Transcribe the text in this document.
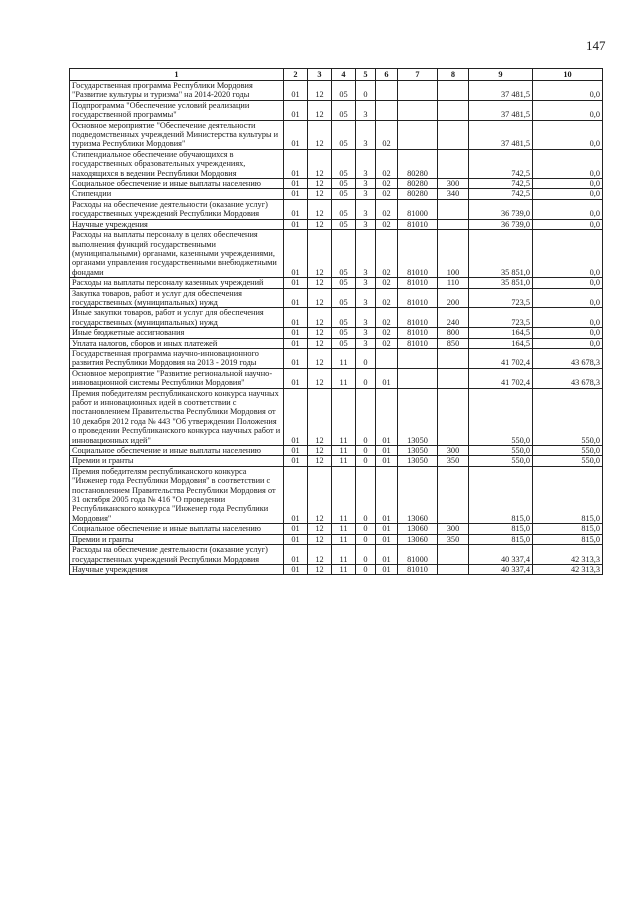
147
1	2	3	4	5	6	7	8	9	10
Государственная программа Республики Мордовия "Развитие культуры и туризма" на 2014-2020 годы	01	12	05	0				37 481,5	0,0
Подпрограмма "Обеспечение условий реализации государственной программы"	01	12	05	3				37 481,5	0,0
Основное мероприятие "Обеспечение деятельности подведомственных учреждений Министерства культуры и туризма Республики Мордовия"	01	12	05	3	02			37 481,5	0,0
Стипендиальное обеспечение обучающихся в государственных образовательных учреждениях, находящихся в ведении Республики Мордовия	01	12	05	3	02	80280		742,5	0,0
Социальное обеспечение и иные выплаты населению	01	12	05	3	02	80280	300	742,5	0,0
Стипендии	01	12	05	3	02	80280	340	742,5	0,0
Расходы на обеспечение деятельности (оказание услуг) государственных учреждений Республики Мордовия	01	12	05	3	02	81000		36 739,0	0,0
Научные учреждения	01	12	05	3	02	81010		36 739,0	0,0
Расходы на выплаты персоналу в целях обеспечения выполнения функций государственными (муниципальными) органами, казенными учреждениями, органами управления государственными внебюджетными фондами	01	12	05	3	02	81010	100	35 851,0	0,0
Расходы на выплаты персоналу казенных учреждений	01	12	05	3	02	81010	110	35 851,0	0,0
Закупка товаров, работ и услуг для обеспечения государственных (муниципальных) нужд	01	12	05	3	02	81010	200	723,5	0,0
Иные закупки товаров, работ и услуг для обеспечения государственных (муниципальных) нужд	01	12	05	3	02	81010	240	723,5	0,0
Иные бюджетные ассигнования	01	12	05	3	02	81010	800	164,5	0,0
Уплата налогов, сборов и иных платежей	01	12	05	3	02	81010	850	164,5	0,0
Государственная программа научно-инновационного развития Республики Мордовия на 2013 - 2019 годы	01	12	11	0				41 702,4	43 678,3
Основное мероприятие "Развитие региональной научно-инновационной системы Республики Мордовия"	01	12	11	0	01			41 702,4	43 678,3
Премия победителям республиканского конкурса научных работ и инновационных идей в соответствии с постановлением Правительства Республики Мордовия от 10 декабря 2012 года № 443 "Об утверждении Положения о проведении Республиканского конкурса научных работ и инновационных идей"	01	12	11	0	01	13050		550,0	550,0
Социальное обеспечение и иные выплаты населению	01	12	11	0	01	13050	300	550,0	550,0
Премии и гранты	01	12	11	0	01	13050	350	550,0	550,0
Премия победителям республиканского конкурса "Инженер года Республики Мордовия" в соответствии с постановлением Правительства Республики Мордовия от 31 октября 2005 года № 416 "О проведении Республиканского конкурса "Инженер года Республики Мордовия"	01	12	11	0	01	13060		815,0	815,0
Социальное обеспечение и иные выплаты населению	01	12	11	0	01	13060	300	815,0	815,0
Премии и гранты	01	12	11	0	01	13060	350	815,0	815,0
Расходы на обеспечение деятельности (оказание услуг) государственных учреждений Республики Мордовия	01	12	11	0	01	81000		40 337,4	42 313,3
Научные учреждения	01	12	11	0	01	81010		40 337,4	42 313,3
